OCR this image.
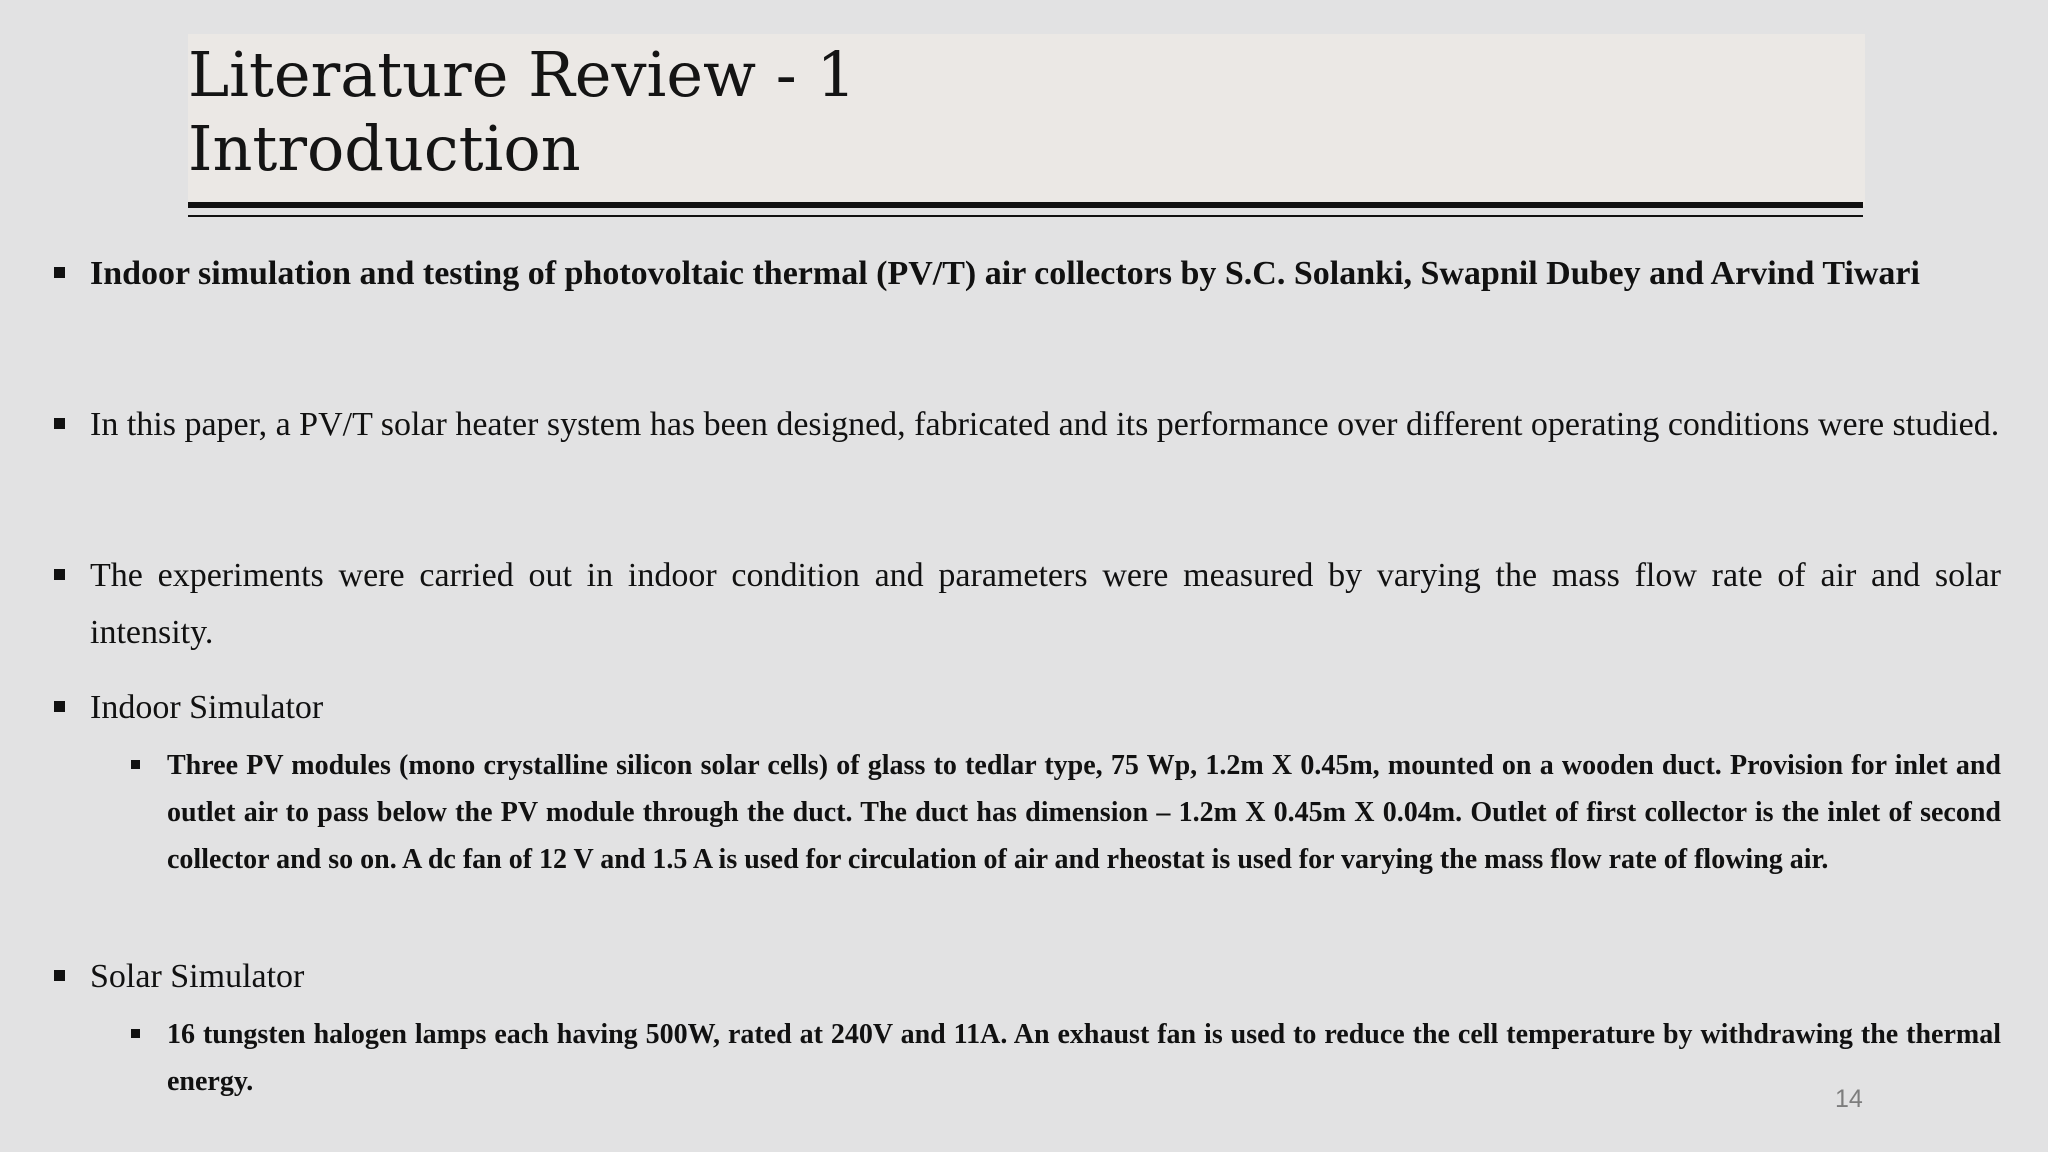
Literature Review - 1
Introduction
Indoor simulation and testing of photovoltaic thermal (PV/T) air collectors by S.C. Solanki, Swapnil Dubey and Arvind Tiwari
In this paper, a PV/T solar heater system has been designed, fabricated and its performance over different operating conditions were studied.
The experiments were carried out in indoor condition and parameters were measured by varying the mass flow rate of air and solar intensity.
Indoor Simulator
Three PV modules (mono crystalline silicon solar cells) of glass to tedlar type, 75 Wp, 1.2m X 0.45m, mounted on a wooden duct. Provision for inlet and outlet air to pass below the PV module through the duct. The duct has dimension – 1.2m X 0.45m X 0.04m. Outlet of first collector is the inlet of second collector and so on. A dc fan of 12 V and 1.5 A is used for circulation of air and rheostat is used for varying the mass flow rate of flowing air.
Solar Simulator
16 tungsten halogen lamps each having 500W, rated at 240V and 11A. An exhaust fan is used to reduce the cell temperature by withdrawing the thermal energy.
14
